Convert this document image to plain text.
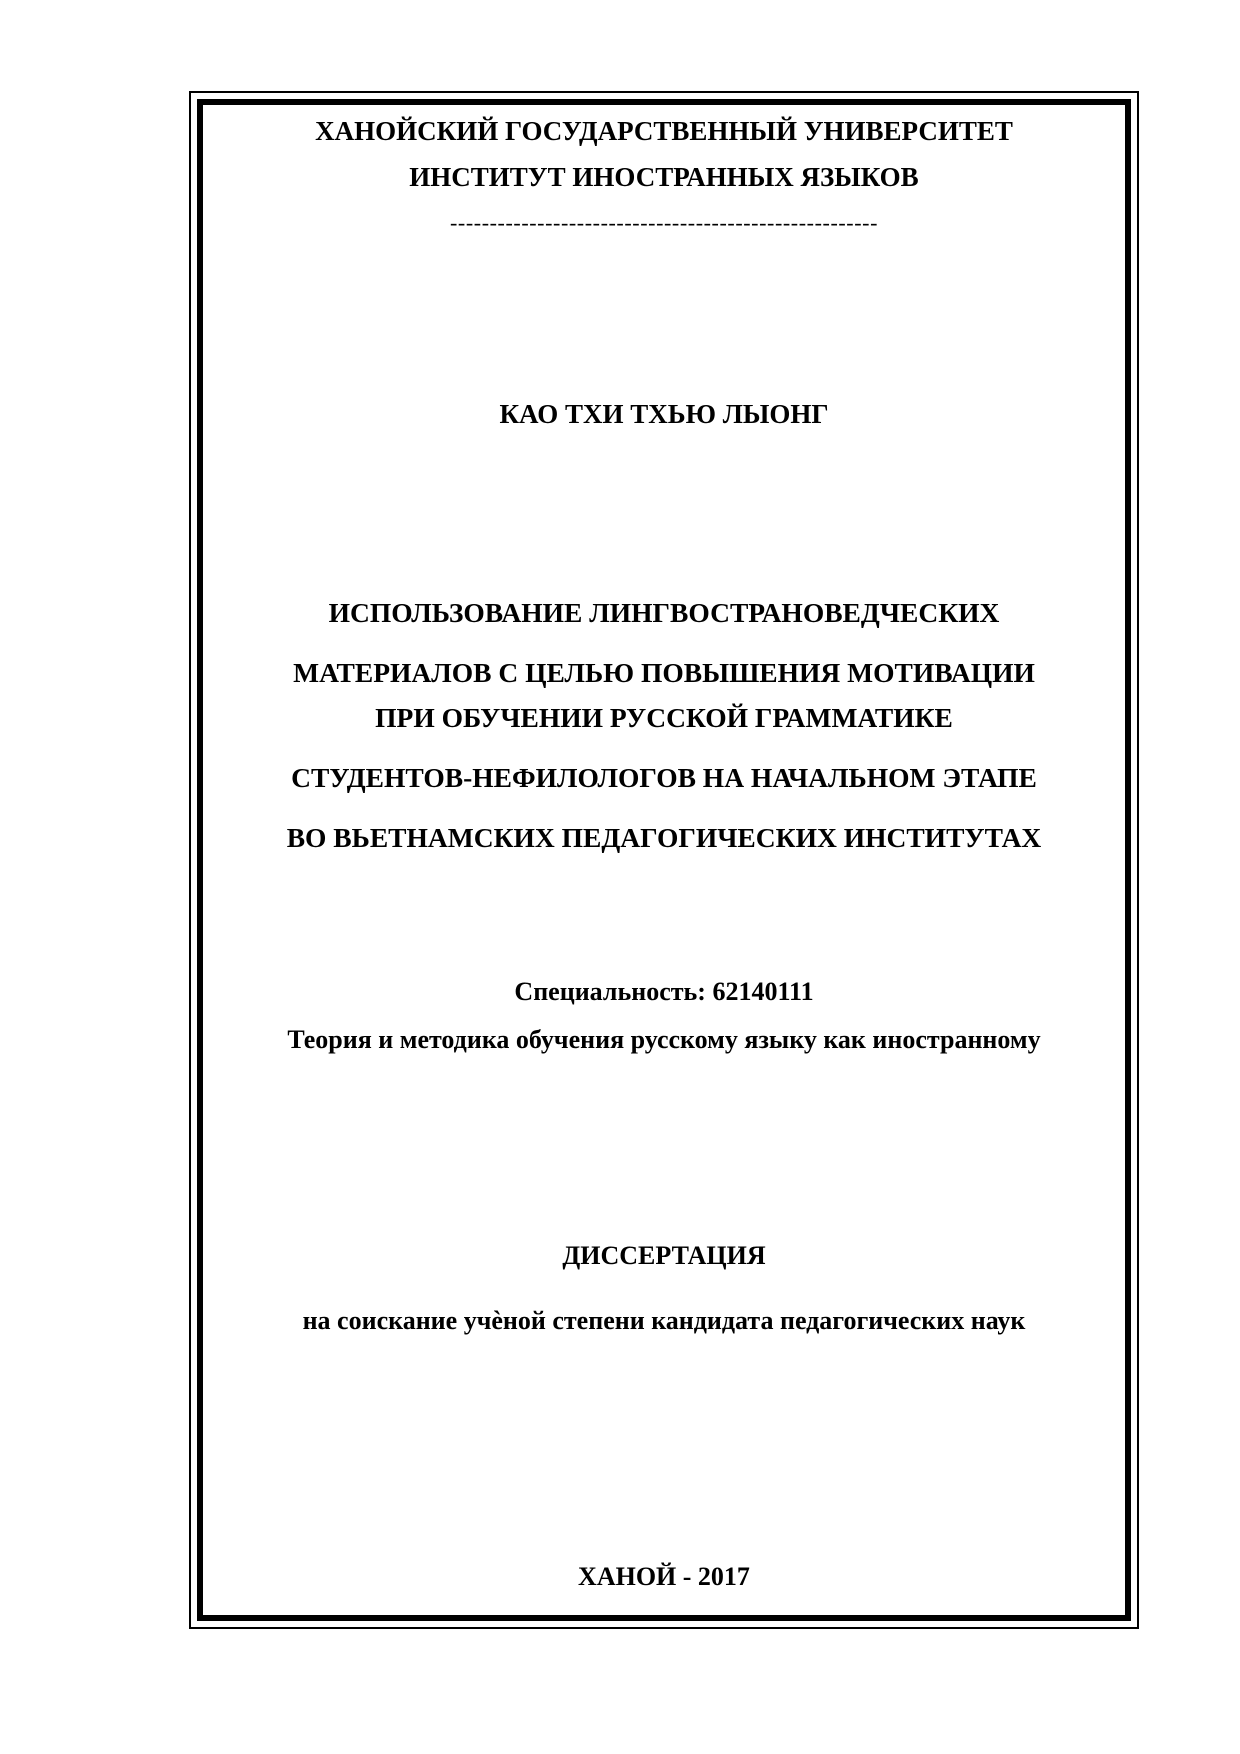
ХАНОЙСКИЙ ГОСУДАРСТВЕННЫЙ УНИВЕРСИТЕТ
ИНСТИТУТ ИНОСТРАННЫХ ЯЗЫКОВ
------------------------------------------------------
КАО ТХИ ТХЬЮ ЛЫОНГ
ИСПОЛЬЗОВАНИЕ ЛИНГВОСТРАНОВЕДЧЕСКИХ
МАТЕРИАЛОВ С ЦЕЛЬЮ ПОВЫШЕНИЯ МОТИВАЦИИ
ПРИ ОБУЧЕНИИ РУССКОЙ ГРАММАТИКЕ
СТУДЕНТОВ-НЕФИЛОЛОГОВ НА НАЧАЛЬНОМ ЭТАПЕ
ВО ВЬЕТНАМСКИХ ПЕДАГОГИЧЕСКИХ ИНСТИТУТАХ
Специальность: 62140111
Теория и методика обучения русскому языку как иностранному
ДИССЕРТАЦИЯ
на соискание учѐной степени кандидата педагогических наук
ХАНОЙ - 2017
